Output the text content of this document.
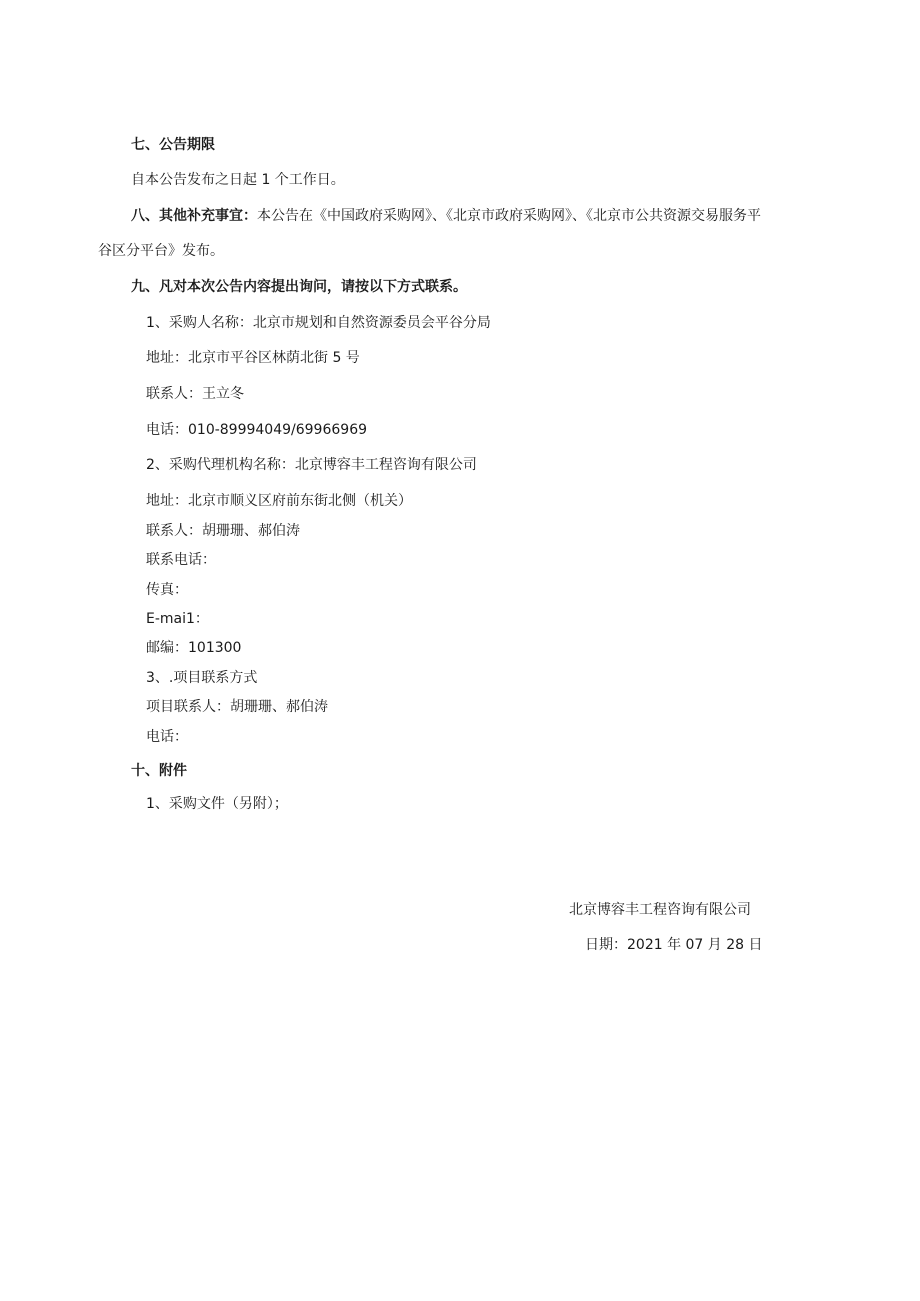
七、公告期限
自本公告发布之日起 1 个工作日。
八、其他补充事宜：本公告在《中国政府采购网》、《北京市政府采购网》、《北京市公共资源交易服务平
谷区分平台》发布。
九、凡对本次公告内容提出询问，请按以下方式联系。
1、采购人名称：北京市规划和自然资源委员会平谷分局
地址：北京市平谷区林荫北街 5 号
联系人：王立冬
电话：010-89994049/69966969
2、采购代理机构名称：北京博容丰工程咨询有限公司
地址：北京市顺义区府前东街北侧（机关）
联系人：胡珊珊、郝伯涛
联系电话：
传真：
E-mai1：
邮编：101300
3、.项目联系方式
项目联系人：胡珊珊、郝伯涛
电话：
十、附件
1、采购文件（另附）；
北京博容丰工程咨询有限公司
日期：2021 年 07 月 28 日
